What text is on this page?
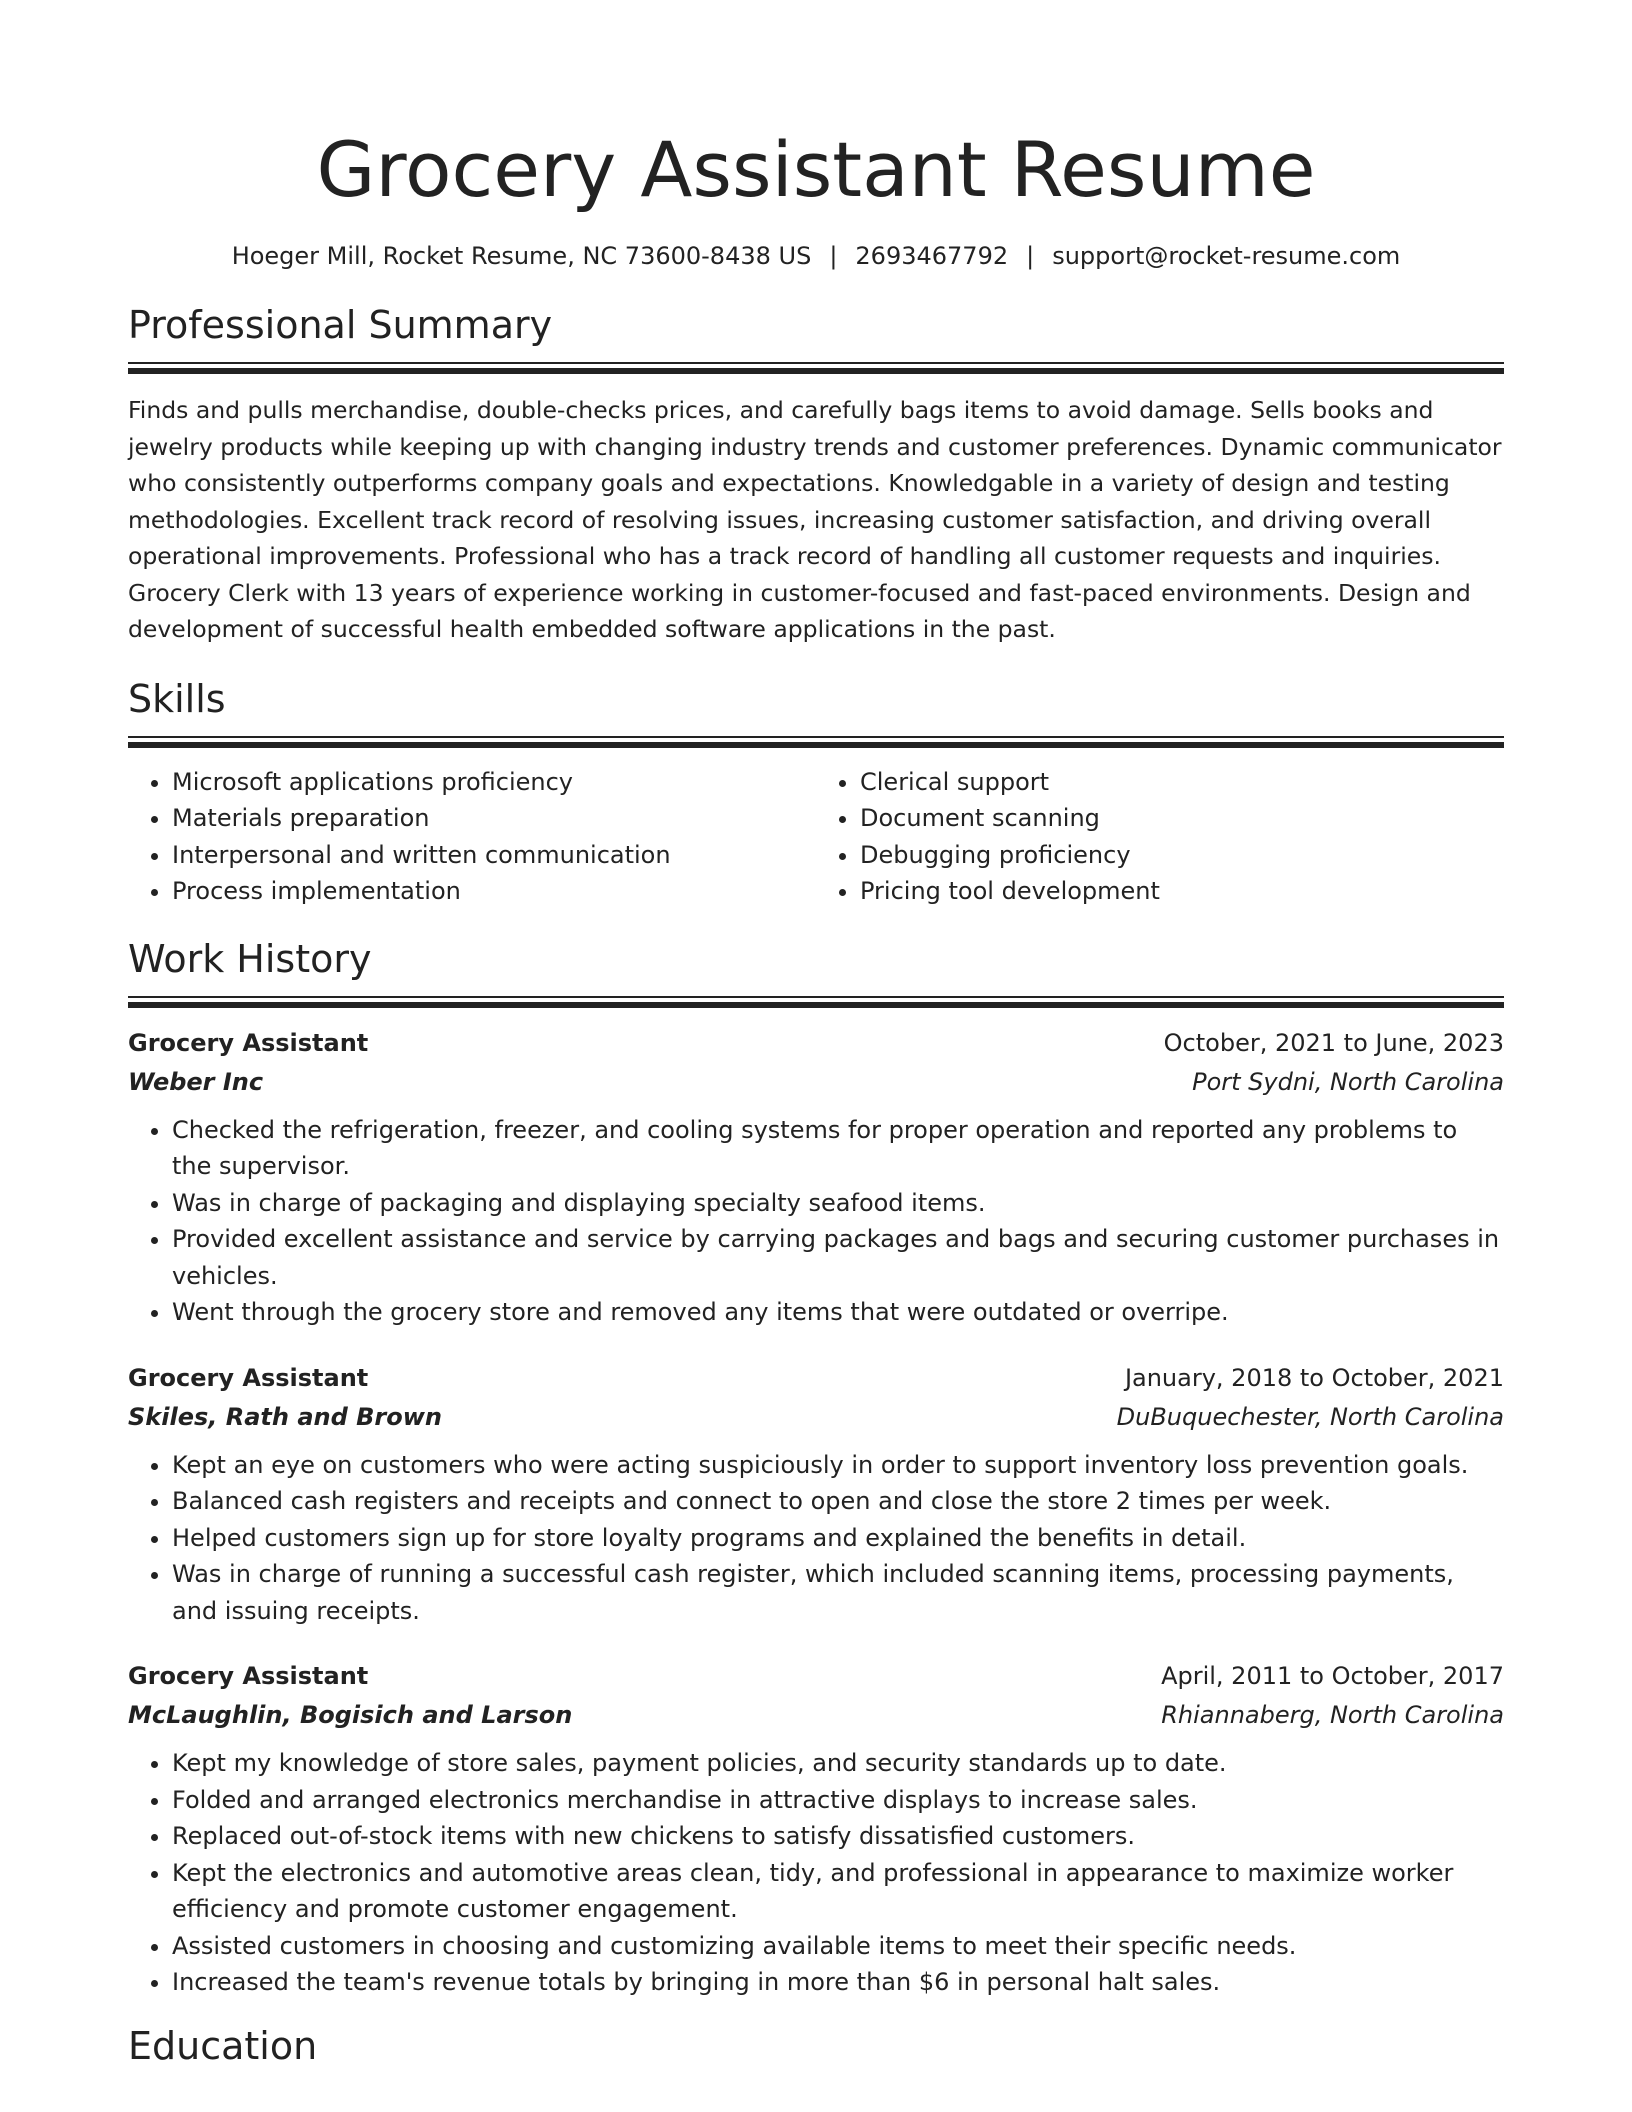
Grocery Assistant Resume
Hoeger Mill, Rocket Resume, NC 73600-8438 US | 2693467792 | support@rocket-resume.com
Professional Summary

Finds and pulls merchandise, double-checks prices, and carefully bags items to avoid damage. Sells books and jewelry products while keeping up with changing industry trends and customer preferences. Dynamic communicator who consistently outperforms company goals and expectations. Knowledgable in a variety of design and testing methodologies. Excellent track record of resolving issues, increasing customer satisfaction, and driving overall operational improvements. Professional who has a track record of handling all customer requests and inquiries. Grocery Clerk with 13 years of experience working in customer-focused and fast-paced environments. Design and development of successful health embedded software applications in the past.

Skills
• Microsoft applications proficiency
• Materials preparation
• Interpersonal and written communication
• Process implementation
• Clerical support
• Document scanning
• Debugging proficiency
• Pricing tool development
Work History
Grocery Assistant	October, 2021 to June, 2023
Weber Inc	Port Sydni, North Carolina
• Checked the refrigeration, freezer, and cooling systems for proper operation and reported any problems to the supervisor.
• Was in charge of packaging and displaying specialty seafood items.
• Provided excellent assistance and service by carrying packages and bags and securing customer purchases in vehicles.
• Went through the grocery store and removed any items that were outdated or overripe.
Grocery Assistant	January, 2018 to October, 2021
Skiles, Rath and Brown	DuBuquechester, North Carolina
• Kept an eye on customers who were acting suspiciously in order to support inventory loss prevention goals.
• Balanced cash registers and receipts and connect to open and close the store 2 times per week.
• Helped customers sign up for store loyalty programs and explained the benefits in detail.
• Was in charge of running a successful cash register, which included scanning items, processing payments, and issuing receipts.
Grocery Assistant	April, 2011 to October, 2017
McLaughlin, Bogisich and Larson	Rhiannaberg, North Carolina
• Kept my knowledge of store sales, payment policies, and security standards up to date.
• Folded and arranged electronics merchandise in attractive displays to increase sales.
• Replaced out-of-stock items with new chickens to satisfy dissatisfied customers.
• Kept the electronics and automotive areas clean, tidy, and professional in appearance to maximize worker efficiency and promote customer engagement.
• Assisted customers in choosing and customizing available items to meet their specific needs.
• Increased the team's revenue totals by bringing in more than $6 in personal halt sales.
Education
